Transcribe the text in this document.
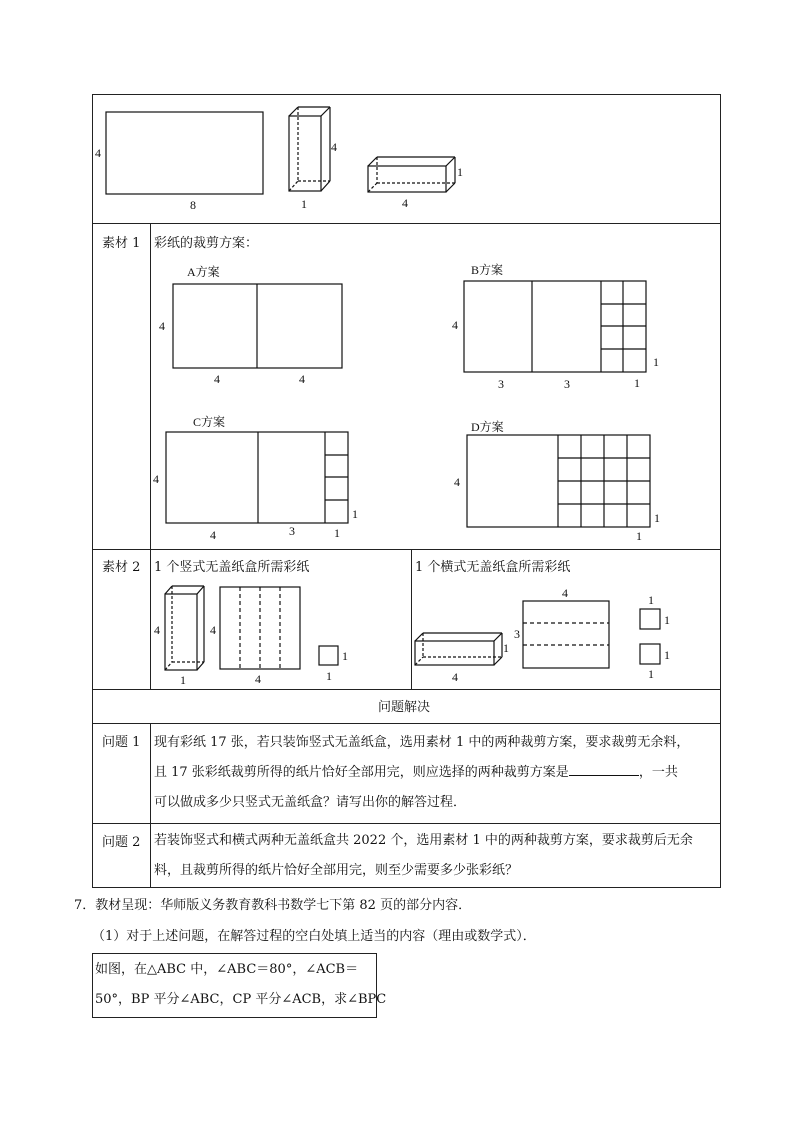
4
8
4
1
1
4
素材 1 彩纸的裁剪方案：
A方案
4
4	4
B方案
4
3	3	1
1
C方案
4
4	3	1
1
D方案
4
1
1
素材 2 1 个竖式无盖纸盒所需彩纸	1 个横式无盖纸盒所需彩纸
4
1
4
4
1
1
1
4
4
3
1
1
1
1
问题解决
问题 1 现有彩纸 17 张，若只装饰竖式无盖纸盒，选用素材 1 中的两种裁剪方案，要求裁剪无余料，
且 17 张彩纸裁剪所得的纸片恰好全部用完，则应选择的两种裁剪方案是	，一共
可以做成多少只竖式无盖纸盒？请写出你的解答过程．
问题 2 若装饰竖式和横式两种无盖纸盒共 2022 个，选用素材 1 中的两种裁剪方案，要求裁剪后无余
料，且裁剪所得的纸片恰好全部用完，则至少需要多少张彩纸？
7．教材呈现：华师版义务教育教科书数学七下第 82 页的部分内容．
（1）对于上述问题，在解答过程的空白处填上适当的内容（理由或数学式）．
如图，在△ABC 中，∠ABC＝80°，∠ACB＝
50°，BP 平分∠ABC，CP 平分∠ACB，求∠BPC
